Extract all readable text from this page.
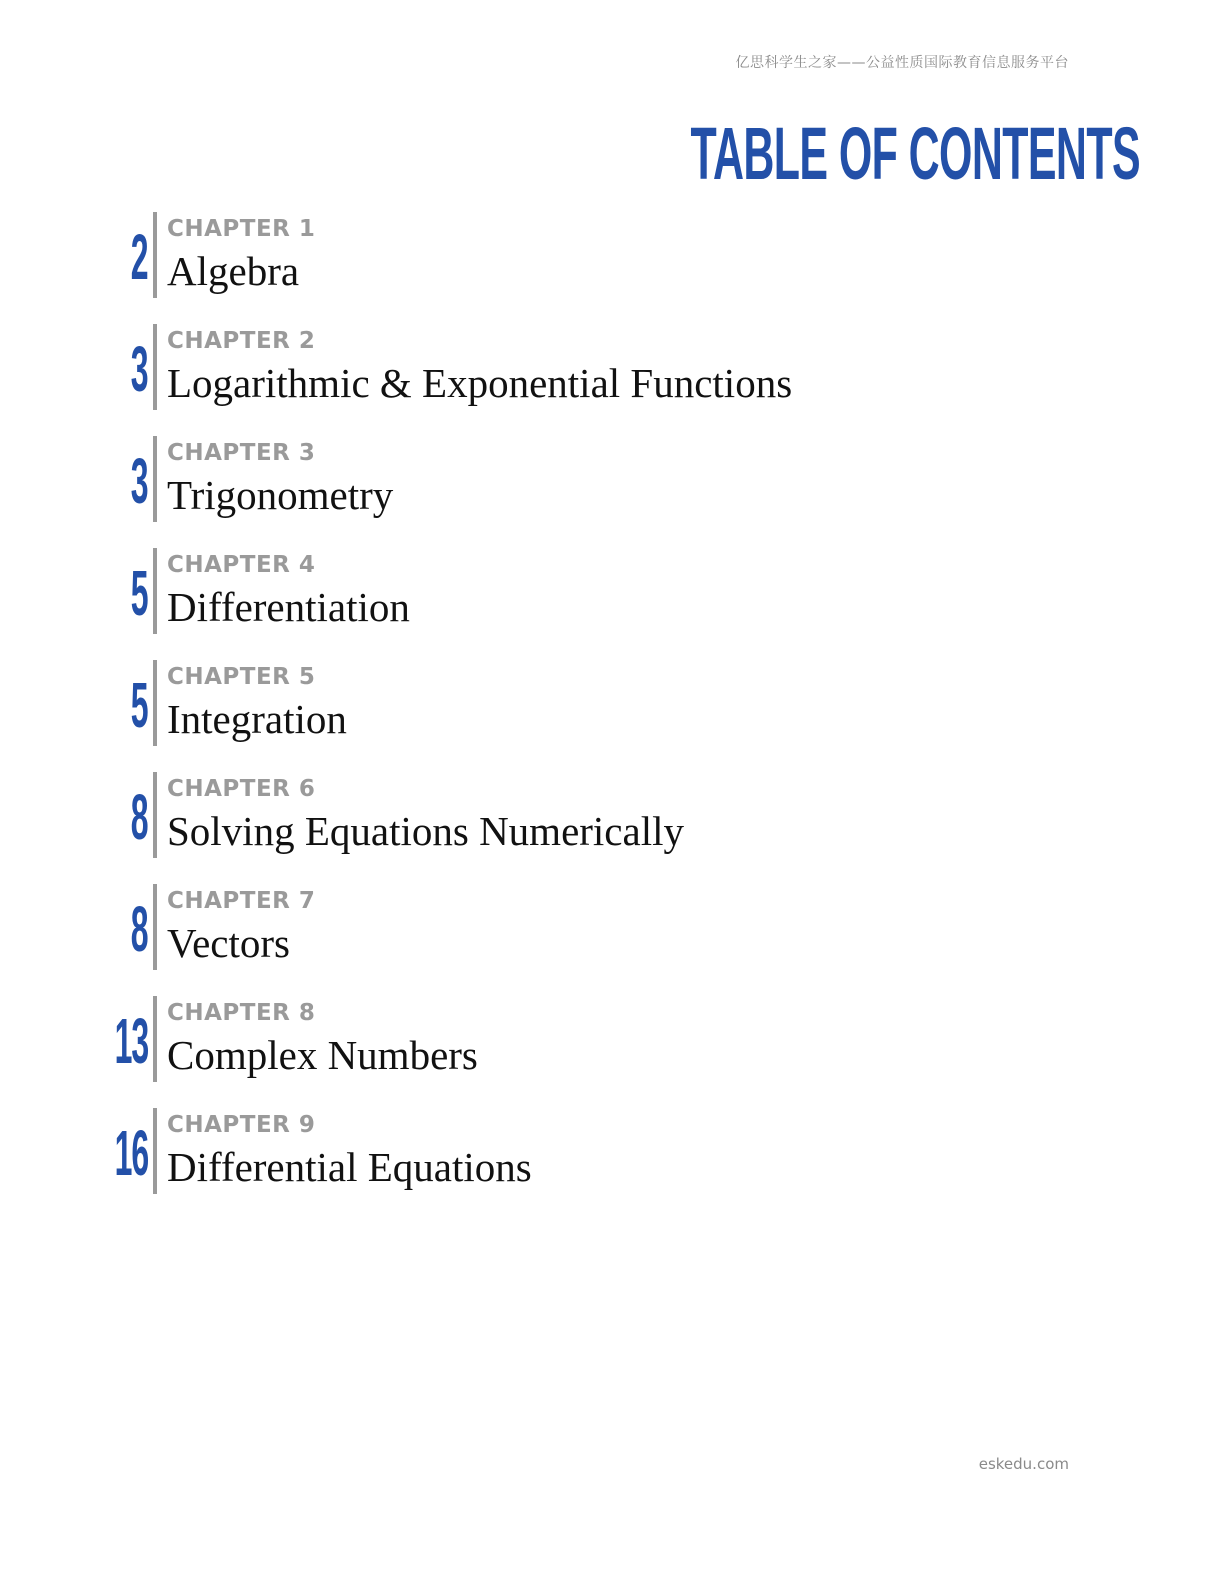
亿思科学生之家——公益性质国际教育信息服务平台
TABLE OF CONTENTS
2 CHAPTER 1
Algebra
3 CHAPTER 2
Logarithmic & Exponential Functions
3 CHAPTER 3
Trigonometry
5 CHAPTER 4
Differentiation
5 CHAPTER 5
Integration
8 CHAPTER 6
Solving Equations Numerically
8 CHAPTER 7
Vectors
13 CHAPTER 8
Complex Numbers
16 CHAPTER 9
Differential Equations
eskedu.com
